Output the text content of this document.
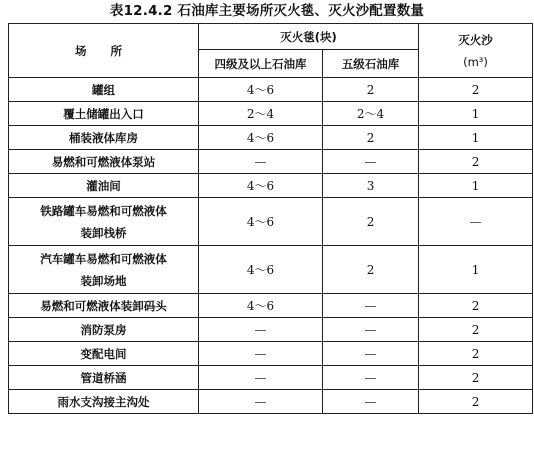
表12.4.2 石油库主要场所灭火毯、灭火沙配置数量
场 所	灭火毯(块)		灭火沙
(m³)

	四级及以上石油库	五级石油库	
罐组	4～6	2	2
覆土储罐出入口	2～4	2～4	1
桶装液体库房	4～6	2	1
易燃和可燃液体泵站	—	—	2
灌油间	4～6	3	1

铁路罐车易燃和可燃液体
装卸栈桥	4～6	2	—

汽车罐车易燃和可燃液体
装卸场地	4～6	2	1
易燃和可燃液体装卸码头	4～6	—	2
消防泵房	—	—	2
变配电间	—	—	2
管道桥涵	—	—	2
雨水支沟接主沟处	—	—	2
